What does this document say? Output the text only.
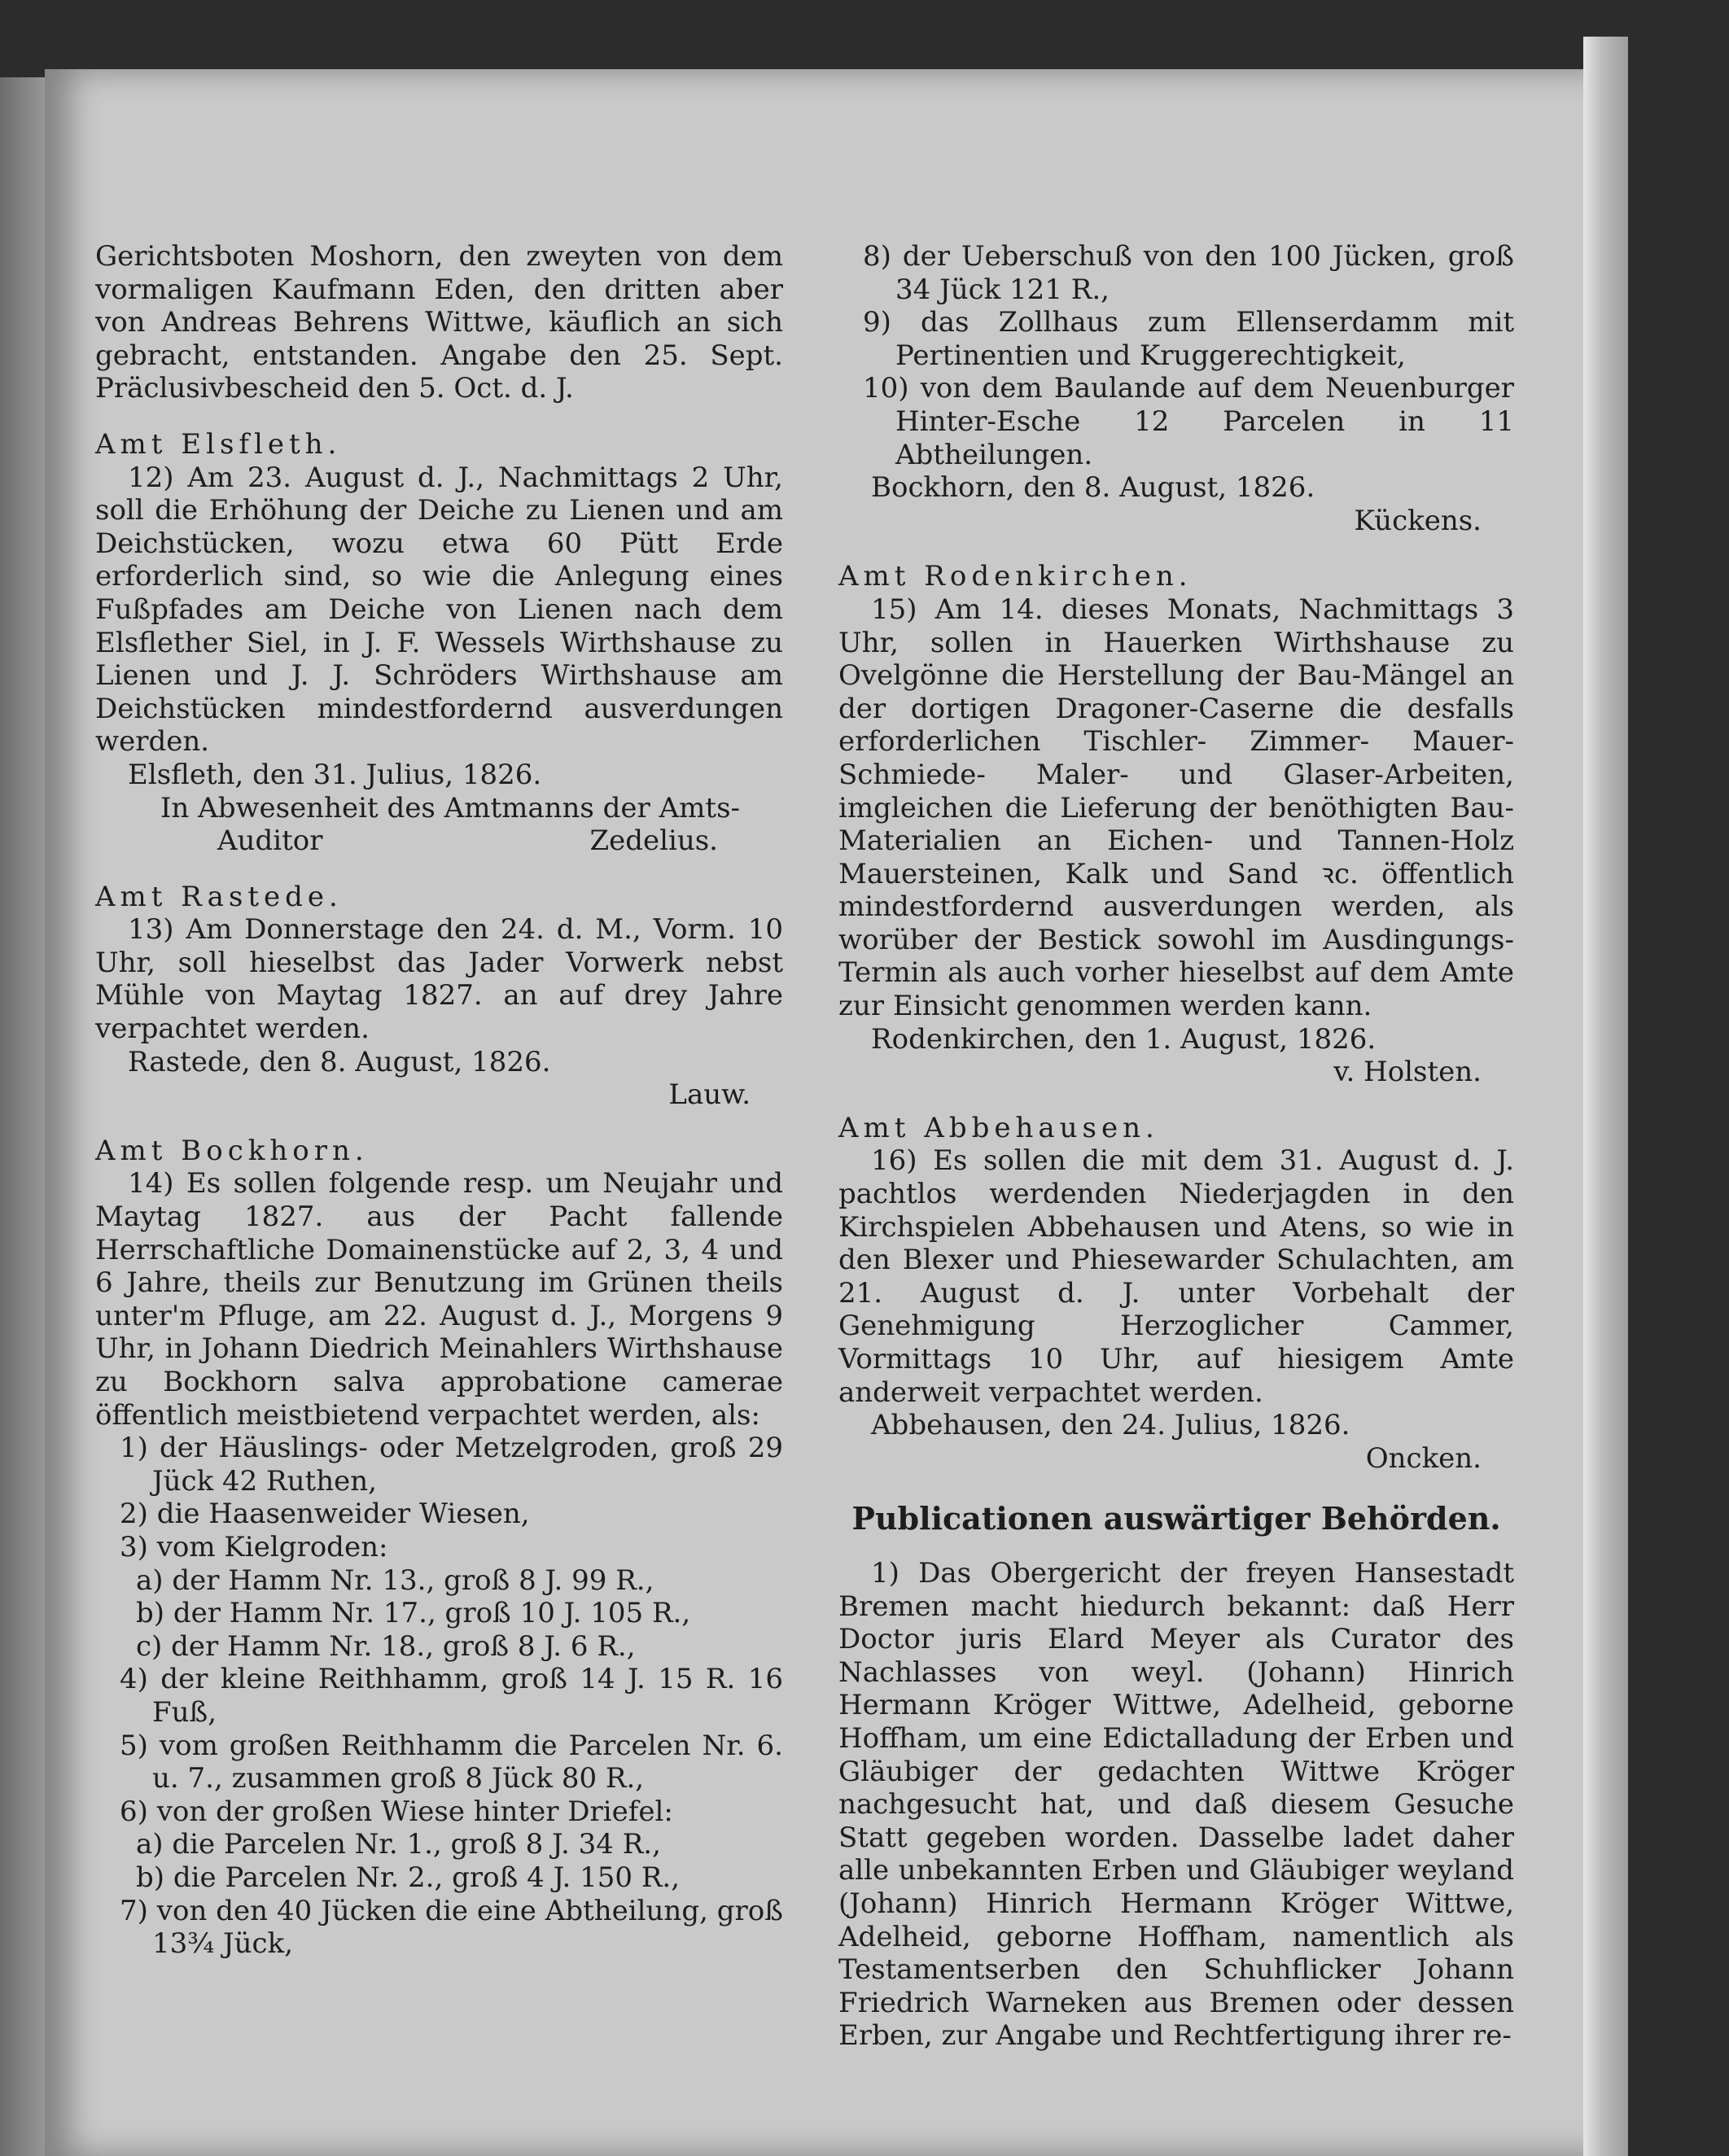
Gerichtsboten Moshorn, den zweyten von dem vormaligen Kaufmann Eden, den dritten aber von Andreas Behrens Wittwe, käuflich an sich gebracht, entstanden. Angabe den 25. Sept. Präclusivbescheid den 5. Oct. d. J.

Amt Elsfleth.

12) Am 23. August d. J., Nachmittags 2 Uhr, soll die Erhöhung der Deiche zu Lienen und am Deichstücken, wozu etwa 60 Pütt Erde erforderlich sind, so wie die Anlegung eines Fußpfades am Deiche von Lienen nach dem Elsflether Siel, in J. F. Wessels Wirthshause zu Lienen und J. J. Schröders Wirthshause am Deichstücken mindestfordernd ausverdungen werden.

Elsfleth, den 31. Julius, 1826.

In Abwesenheit des Amtmanns der Amts-

Auditor	Zedelius.

Amt Rastede.

13) Am Donnerstage den 24. d. M., Vorm. 10 Uhr, soll hieselbst das Jader Vorwerk nebst Mühle von Maytag 1827. an auf drey Jahre verpachtet werden.

Rastede, den 8. August, 1826.

Lauw.

Amt Bockhorn.

14) Es sollen folgende resp. um Neujahr und Maytag 1827. aus der Pacht fallende Herrschaftliche Domainenstücke auf 2, 3, 4 und 6 Jahre, theils zur Benutzung im Grünen theils unter'm Pfluge, am 22. August d. J., Morgens 9 Uhr, in Johann Diedrich Meinahlers Wirthshause zu Bockhorn salva approbatione camerae öffentlich meistbietend verpachtet werden, als:

1) der Häuslings- oder Metzelgroden, groß 29 Jück 42 Ruthen,

2) die Haasenweider Wiesen,

3) vom Kielgroden:

a) der Hamm Nr. 13., groß 8 J. 99 R.,

b) der Hamm Nr. 17., groß 10 J. 105 R.,

c) der Hamm Nr. 18., groß 8 J. 6 R.,

4) der kleine Reithhamm, groß 14 J. 15 R. 16 Fuß,

5) vom großen Reithhamm die Parcelen Nr. 6. u. 7., zusammen groß 8 Jück 80 R.,

6) von der großen Wiese hinter Driefel:

a) die Parcelen Nr. 1., groß 8 J. 34 R.,

b) die Parcelen Nr. 2., groß 4 J. 150 R.,

7) von den 40 Jücken die eine Abtheilung, groß 13¾ Jück,

8) der Ueberschuß von den 100 Jücken, groß 34 Jück 121 R.,

9) das Zollhaus zum Ellenserdamm mit Pertinentien und Kruggerechtigkeit,

10) von dem Baulande auf dem Neuenburger Hinter-Esche 12 Parcelen in 11 Abtheilungen.

Bockhorn, den 8. August, 1826.

Kückens.

Amt Rodenkirchen.

15) Am 14. dieses Monats, Nachmittags 3 Uhr, sollen in Hauerken Wirthshause zu Ovelgönne die Herstellung der Bau-Mängel an der dortigen Dragoner-Caserne die desfalls erforderlichen Tischler- Zimmer- Mauer- Schmiede- Maler- und Glaser-Arbeiten, imgleichen die Lieferung der benöthigten Bau-Materialien an Eichen- und Tannen-Holz Mauersteinen, Kalk und Sand ꝛc. öffentlich mindestfordernd ausverdungen werden, als worüber der Bestick sowohl im Ausdingungs-Termin als auch vorher hieselbst auf dem Amte zur Einsicht genommen werden kann.

Rodenkirchen, den 1. August, 1826.

v. Holsten.

Amt Abbehausen.

16) Es sollen die mit dem 31. August d. J. pachtlos werdenden Niederjagden in den Kirchspielen Abbehausen und Atens, so wie in den Blexer und Phiesewarder Schulachten, am 21. August d. J. unter Vorbehalt der Genehmigung Herzoglicher Cammer, Vormittags 10 Uhr, auf hiesigem Amte anderweit verpachtet werden.

Abbehausen, den 24. Julius, 1826.

Oncken.

Publicationen auswärtiger Behörden.

1) Das Obergericht der freyen Hansestadt Bremen macht hiedurch bekannt: daß Herr Doctor juris Elard Meyer als Curator des Nachlasses von weyl. (Johann) Hinrich Hermann Kröger Wittwe, Adelheid, geborne Hoffham, um eine Edictalladung der Erben und Gläubiger der gedachten Wittwe Kröger nachgesucht hat, und daß diesem Gesuche Statt gegeben worden. Dasselbe ladet daher alle unbekannten Erben und Gläubiger weyland (Johann) Hinrich Hermann Kröger Wittwe, Adelheid, geborne Hoffham, namentlich als Testamentserben den Schuhflicker Johann Friedrich Warneken aus Bremen oder dessen Erben, zur Angabe und Rechtfertigung ihrer re-
